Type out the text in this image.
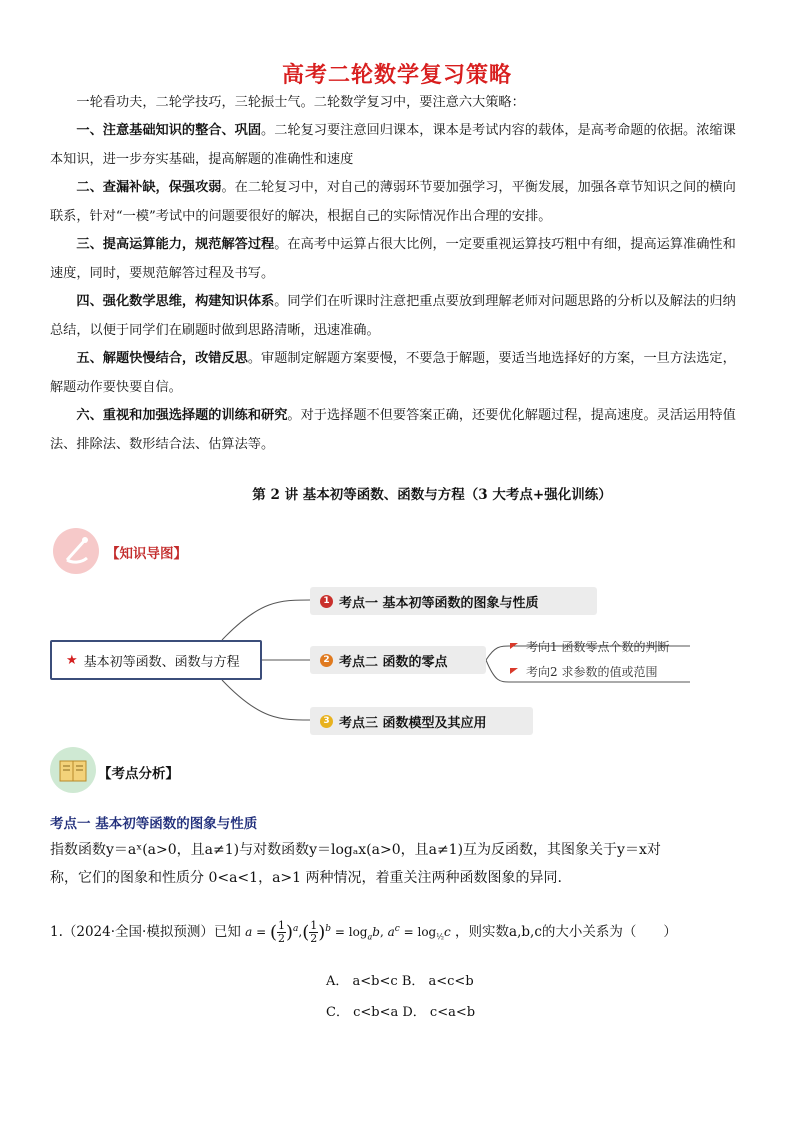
高考二轮数学复习策略
一轮看功夫，二轮学技巧，三轮振士气。二轮数学复习中，要注意六大策略：
一、注意基础知识的整合、巩固。二轮复习要注意回归课本，课本是考试内容的载体，是高考命题的依据。浓缩课本知识，进一步夯实基础，提高解题的准确性和速度
二、查漏补缺，保强攻弱。在二轮复习中，对自己的薄弱环节要加强学习，平衡发展，加强各章节知识之间的横向联系，针对“一模”考试中的问题要很好的解决，根据自己的实际情况作出合理的安排。
三、提高运算能力，规范解答过程。在高考中运算占很大比例，一定要重视运算技巧粗中有细，提高运算准确性和速度，同时，要规范解答过程及书写。
四、强化数学思维，构建知识体系。同学们在听课时注意把重点要放到理解老师对问题思路的分析以及解法的归纳总结，以便于同学们在刷题时做到思路清晰，迅速准确。
五、解题快慢结合，改错反思。审题制定解题方案要慢，不要急于解题，要适当地选择好的方案，一旦方法选定，解题动作要快要自信。
六、重视和加强选择题的训练和研究。对于选择题不但要答案正确，还要优化解题过程，提高速度。灵活运用特值法、排除法、数形结合法、估算法等。
第 2 讲 基本初等函数、函数与方程（3 大考点+强化训练）
【知识导图】
★ 基本初等函数、函数与方程
1 考点一 基本初等函数的图象与性质
2 考点二 函数的零点
3 考点三 函数模型及其应用
考向1 函数零点个数的判断
考向2 求参数的值或范围
【考点分析】
考点一 基本初等函数的图象与性质
指数函数y＝aˣ(a>0，且a≠1)与对数函数y＝logₐx(a>0，且a≠1)互为反函数，其图象关于y＝x对
称，它们的图象和性质分 0<a<1，a>1 两种情况，着重关注两种函数图象的异同.
1.（2024·全国·模拟预测）已知 a = (1
2)$^a$,(1
$2)^b = \log_ab$, $a^c = \log_{\frac{1}{2}}c$ ，则实数a,b,c的大小关系为（　　）
A． a<b<c B． a<c<b
C． c<b<a D． c<a<b
